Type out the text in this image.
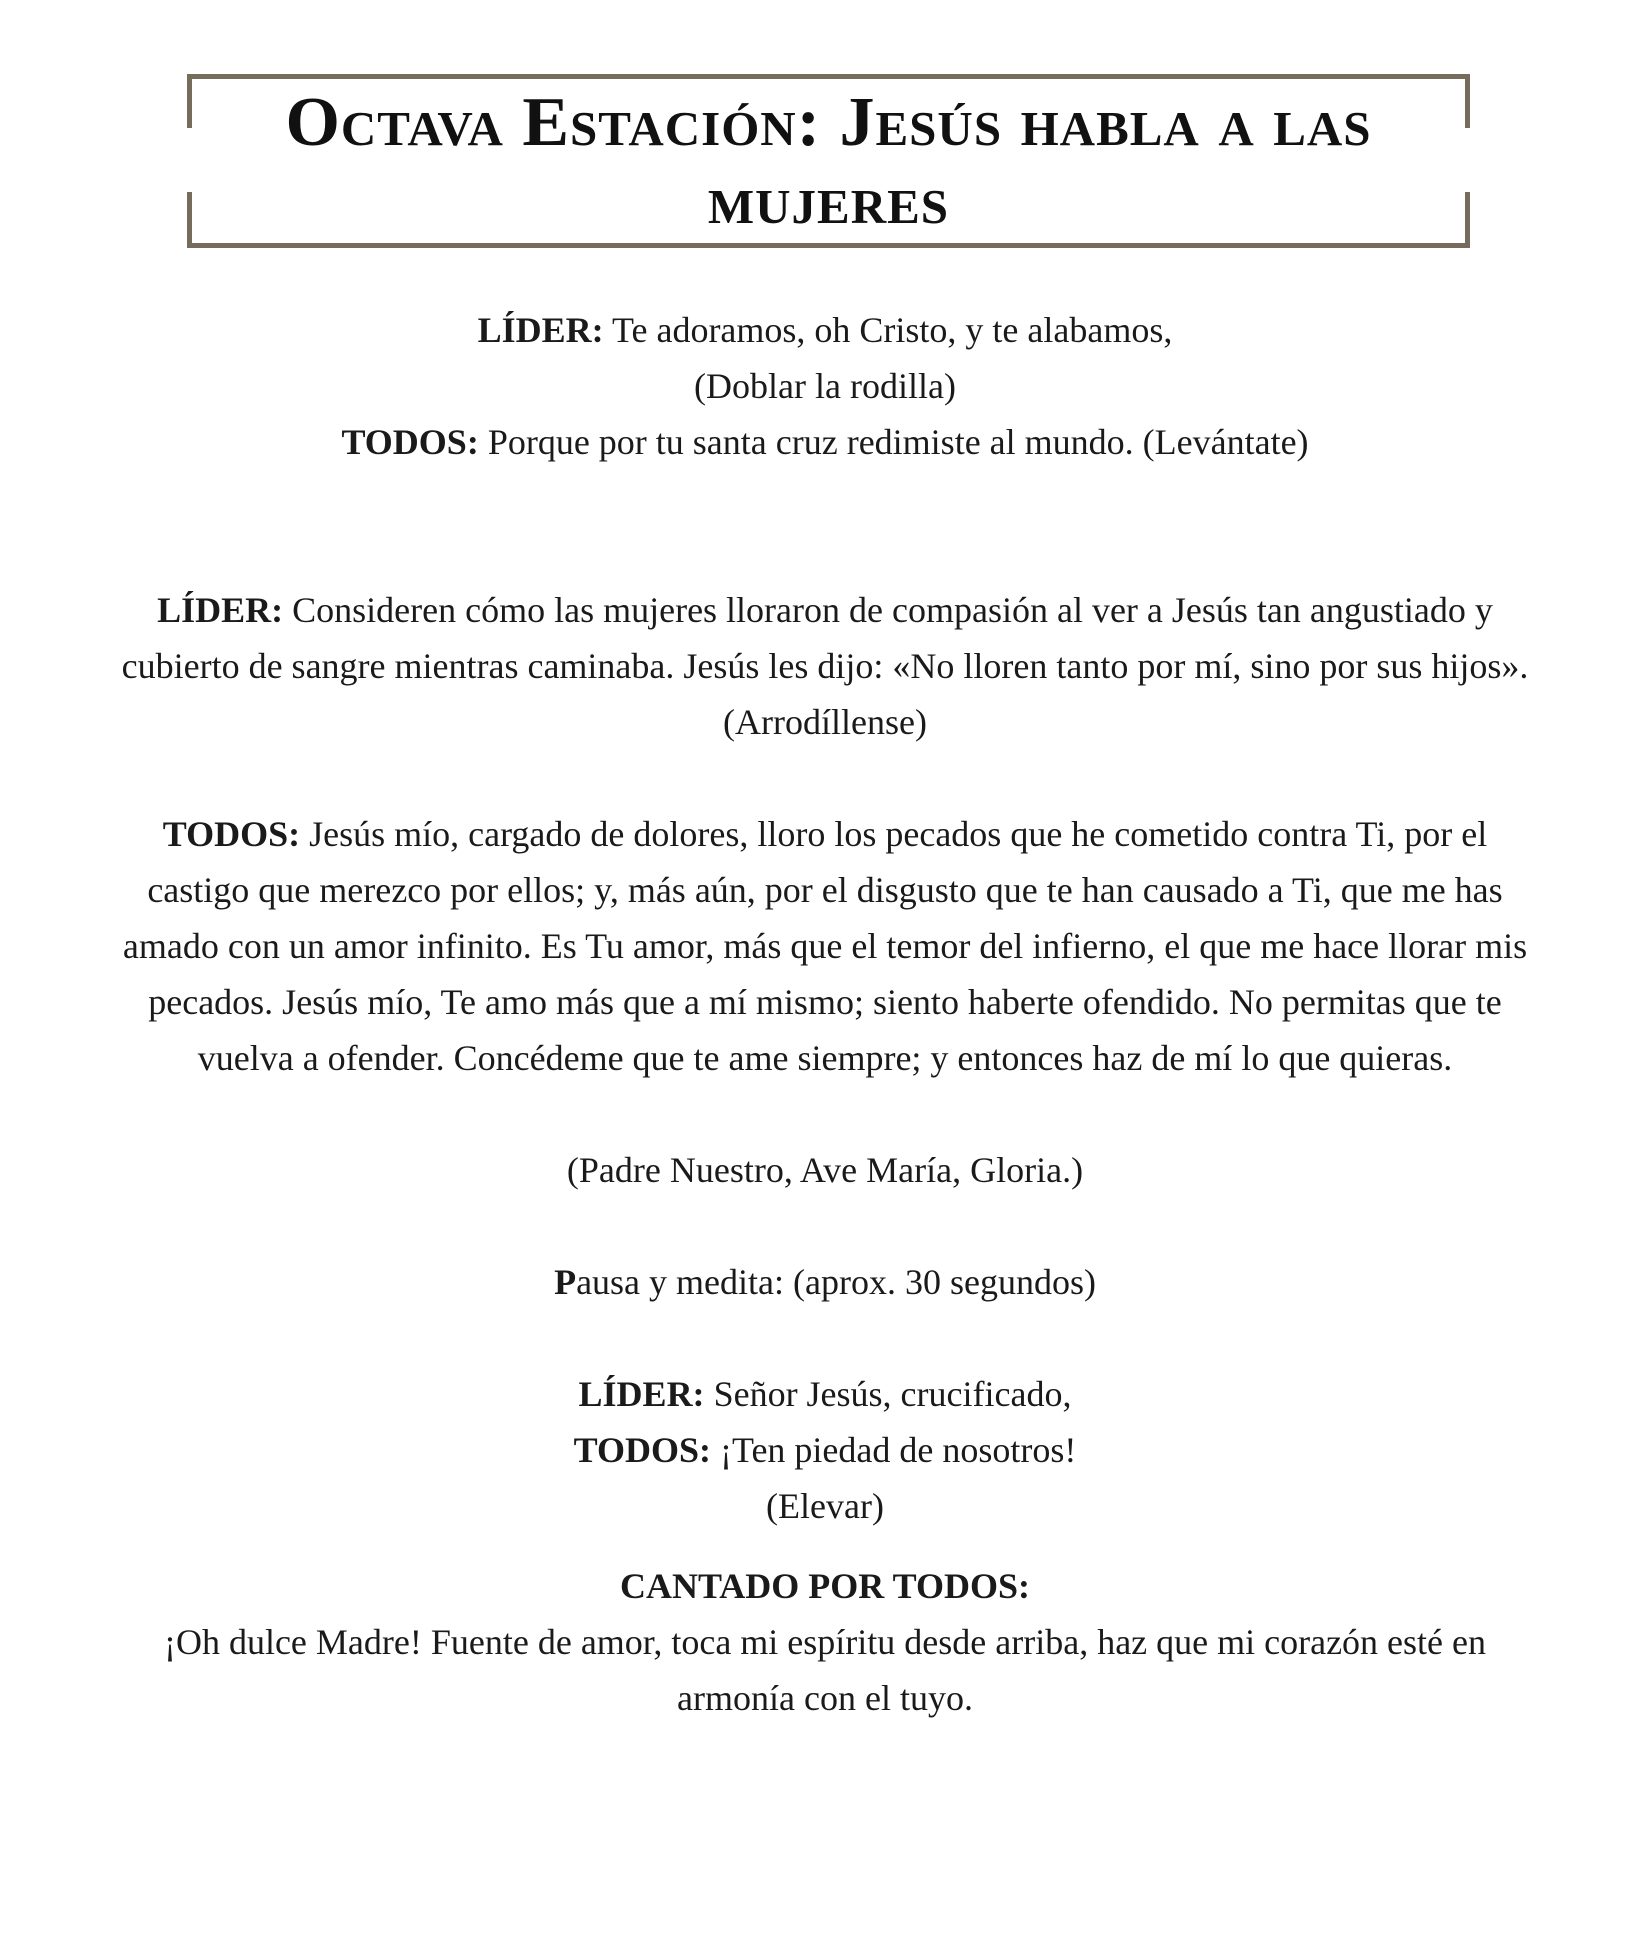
Octava Estación: Jesús habla a las mujeres

LÍDER: Te adoramos, oh Cristo, y te alabamos,

(Doblar la rodilla)

TODOS: Porque por tu santa cruz redimiste al mundo. (Levántate)

LÍDER: Consideren cómo las mujeres lloraron de compasión al ver a Jesús tan angustiado y cubierto de sangre mientras caminaba. Jesús les dijo: «No lloren tanto por mí, sino por sus hijos». (Arrodíllense)

TODOS: Jesús mío, cargado de dolores, lloro los pecados que he cometido contra Ti, por el castigo que merezco por ellos; y, más aún, por el disgusto que te han causado a Ti, que me has amado con un amor infinito. Es Tu amor, más que el temor del infierno, el que me hace llorar mis pecados. Jesús mío, Te amo más que a mí mismo; siento haberte ofendido. No permitas que te vuelva a ofender. Concédeme que te ame siempre; y entonces haz de mí lo que quieras.

(Padre Nuestro, Ave María, Gloria.)

Pausa y medita: (aprox. 30 segundos)

LÍDER: Señor Jesús, crucificado,

TODOS: ¡Ten piedad de nosotros!

(Elevar)

CANTADO POR TODOS:

¡Oh dulce Madre! Fuente de amor, toca mi espíritu desde arriba, haz que mi corazón esté en armonía con el tuyo.
